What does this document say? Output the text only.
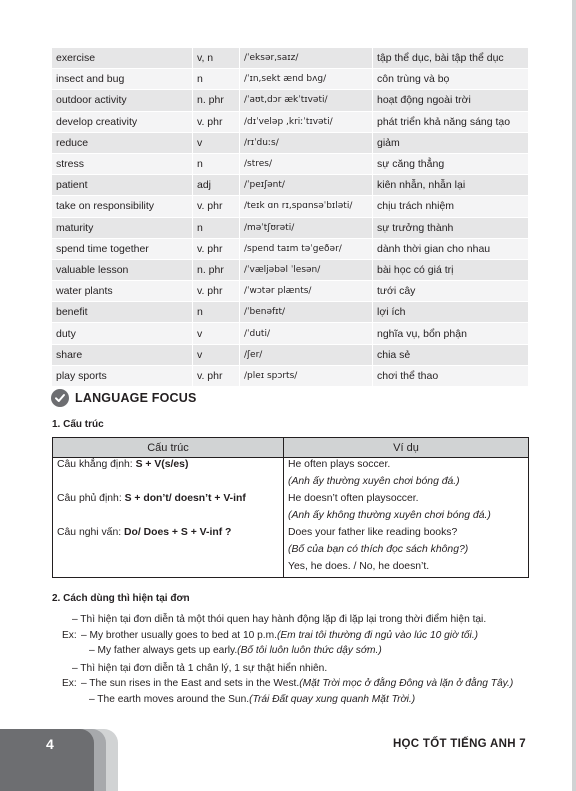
exercise	v, n	/ˈeksər,saɪz/	tập thể dục, bài tập thể dục
insect and bug	n	/ˈɪn,sekt ænd bʌg/	côn trùng và bọ
outdoor activity	n. phr	/ˈaʊt,dɔr ækˈtɪvəti/	hoạt động ngoài trời
develop creativity	v. phr	/dɪˈveləp ,kriːˈtɪvəti/	phát triển khả năng sáng tạo
reduce	v	/rɪˈduːs/	giảm
stress	n	/stres/	sự căng thẳng
patient	adj	/ˈpeɪʃənt/	kiên nhẫn, nhẫn lại
take on responsibility	v. phr	/teɪk ɑn rɪ,spɑnsəˈbɪləti/	chịu trách nhiệm
maturity	n	/məˈtʃʊrəti/	sự trưởng thành
spend time together	v. phr	/spend taɪm təˈgeðər/	dành thời gian cho nhau
valuable lesson	n. phr	/ˈvæljəbəl ˈlesən/	bài học có giá trị
water plants	v. phr	/ˈwɔtər plænts/	tưới cây
benefit	n	/ˈbenəfɪt/	lợi ích
duty	v	/ˈduti/	nghĩa vụ, bổn phận
share	v	/ʃer/	chia sẻ
play sports	v. phr	/pleɪ spɔrts/	chơi thể thao
LANGUAGE FOCUS
1. Cấu trúc
Cấu trúc	Ví dụ
Câu khẳng định: S + V(s/es)	He often plays soccer.
	(Anh ấy thường xuyên chơi bóng đá.)
Câu phủ định: S + don’t/ doesn’t + V-inf	He doesn’t often playsoccer.
	(Anh ấy không thường xuyên chơi bóng đá.)
Câu nghi vấn: Do/ Does + S + V-inf ?	Does your father like reading books?
	(Bố của bạn có thích đọc sách không?)
	Yes, he does. / No, he doesn’t.
2. Cách dùng thì hiện tại đơn
– Thì hiện tại đơn diễn tả một thói quen hay hành động lặp đi lặp lại trong thời điểm hiện tại.
Ex: – My brother usually goes to bed at 10 p.m. (Em trai tôi thường đi ngủ vào lúc 10 giờ tối.)
– My father always gets up early. (Bố tôi luôn luôn thức dậy sớm.)
– Thì hiện tại đơn diễn tả 1 chân lý, 1 sự thật hiển nhiên.
Ex: – The sun rises in the East and sets in the West. (Mặt Trời mọc ở đằng Đông và lặn ở đằng Tây.)
– The earth moves around the Sun. (Trái Đất quay xung quanh Mặt Trời.)
4	HỌC TỐT TIẾNG ANH 7
